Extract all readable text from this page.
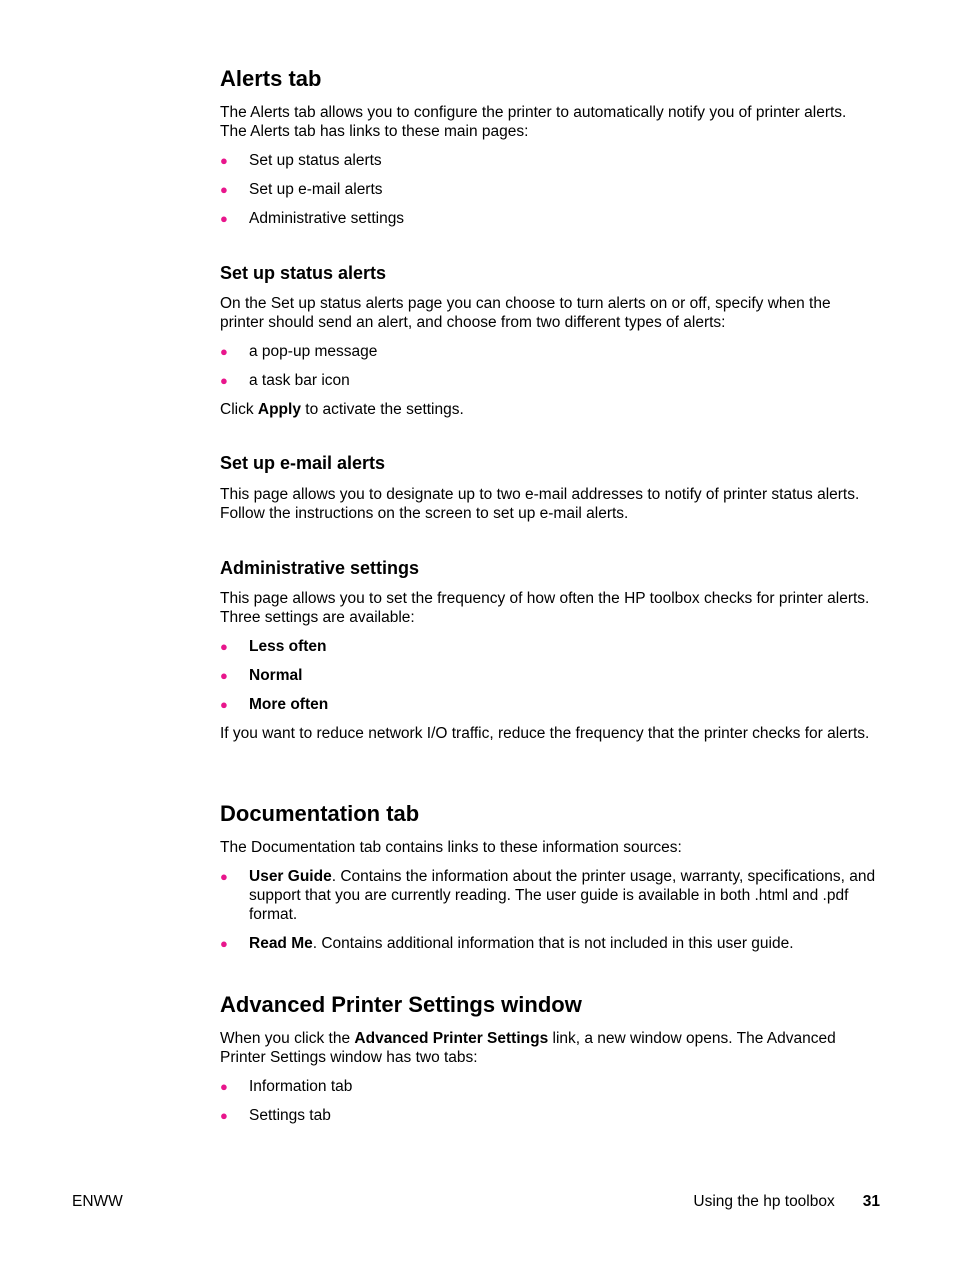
Alerts tab

The Alerts tab allows you to configure the printer to automatically notify you of printer alerts. The Alerts tab has links to these main pages:

● Set up status alerts
● Set up e-mail alerts
● Administrative settings
Set up status alerts

On the Set up status alerts page you can choose to turn alerts on or off, specify when the printer should send an alert, and choose from two different types of alerts:

● a pop-up message
● a task bar icon

Click Apply to activate the settings.

Set up e-mail alerts

This page allows you to designate up to two e-mail addresses to notify of printer status alerts. Follow the instructions on the screen to set up e-mail alerts.

Administrative settings

This page allows you to set the frequency of how often the HP toolbox checks for printer alerts. Three settings are available:

● Less often
● Normal
● More often

If you want to reduce network I/O traffic, reduce the frequency that the printer checks for alerts.

Documentation tab

The Documentation tab contains links to these information sources:

● User Guide. Contains the information about the printer usage, warranty, specifications, and support that you are currently reading. The user guide is available in both .html and .pdf format.
● Read Me. Contains additional information that is not included in this user guide.
Advanced Printer Settings window

When you click the Advanced Printer Settings link, a new window opens. The Advanced Printer Settings window has two tabs:

● Information tab
● Settings tab
ENWW	Using the hp toolbox 31
